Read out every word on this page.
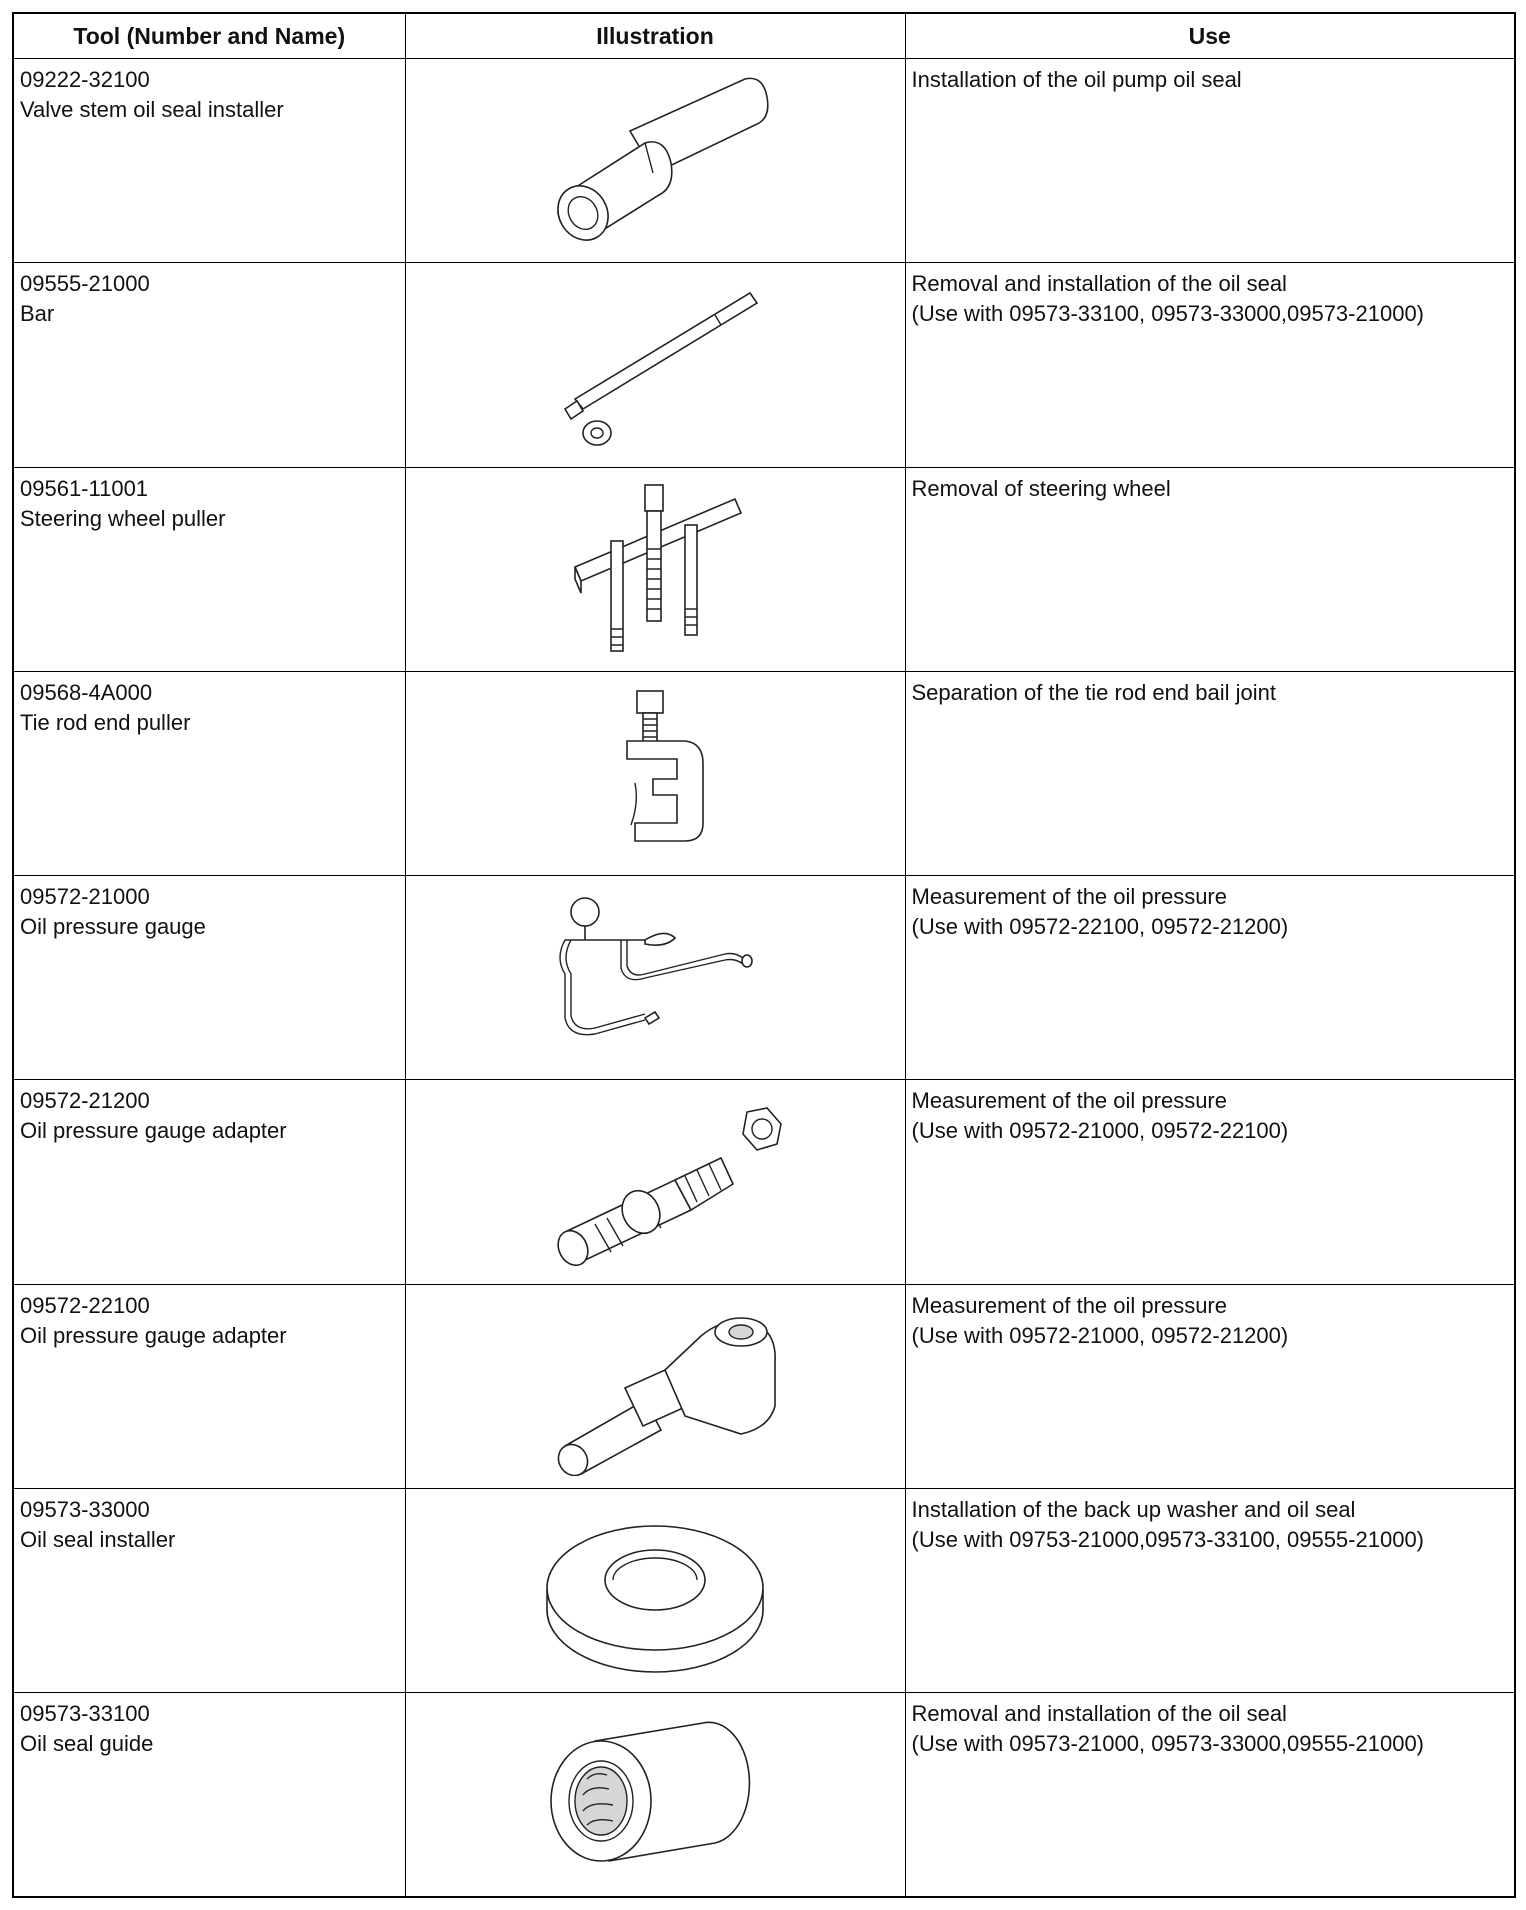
Tool (Number and Name)	Illustration	Use

09222-32100
Valve stem oil seal installer		Installation of the oil pump oil seal

09555-21000
Bar		Removal and installation of the oil seal
(Use with 09573-33100, 09573-33000,09573-21000)

09561-11001
Steering wheel puller		Removal of steering wheel

09568-4A000
Tie rod end puller		Separation of the tie rod end bail joint

09572-21000
Oil pressure gauge		Measurement of the oil pressure
(Use with 09572-22100, 09572-21200)

09572-21200
Oil pressure gauge adapter		Measurement of the oil pressure
(Use with 09572-21000, 09572-22100)

09572-22100
Oil pressure gauge adapter		Measurement of the oil pressure
(Use with 09572-21000, 09572-21200)

09573-33000
Oil seal installer		Installation of the back up washer and oil seal
(Use with 09753-21000,09573-33100, 09555-21000)

09573-33100
Oil seal guide		Removal and installation of the oil seal
(Use with 09573-21000, 09573-33000,09555-21000)
